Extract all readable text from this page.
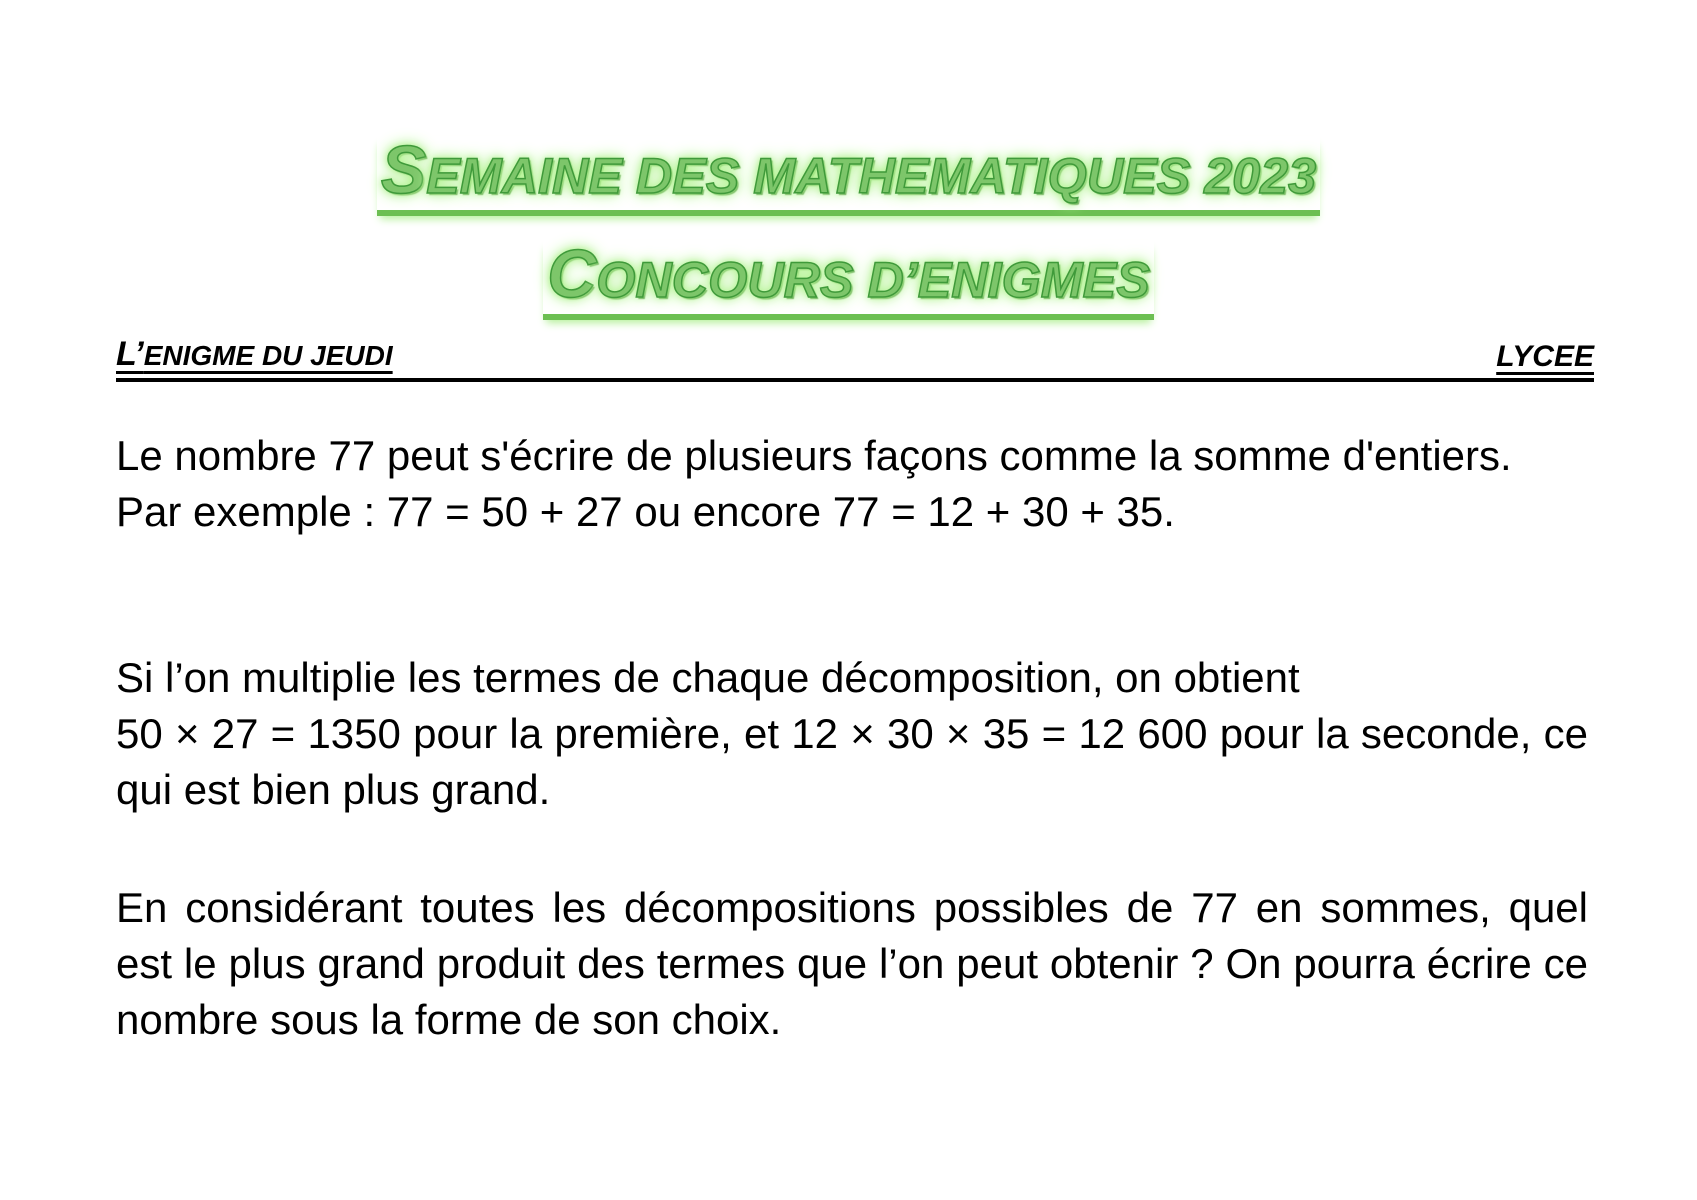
SEMAINE DES MATHEMATIQUES 2023
CONCOURS D’ENIGMES
L’ENIGME DU JEUDI	LYCEE

Le nombre 77 peut s'écrire de plusieurs façons comme la somme d'entiers.

Par exemple : 77 = 50 + 27 ou encore 77 = 12 + 30 + 35.

Si l’on multiplie les termes de chaque décomposition, on obtient

50 × 27 = 1350 pour la première, et 12 × 30 × 35 = 12 600 pour la seconde, ce qui est bien plus grand.

En considérant toutes les décompositions possibles de 77 en sommes, quel est le plus grand produit des termes que l’on peut obtenir ? On pourra écrire ce nombre sous la forme de son choix.
